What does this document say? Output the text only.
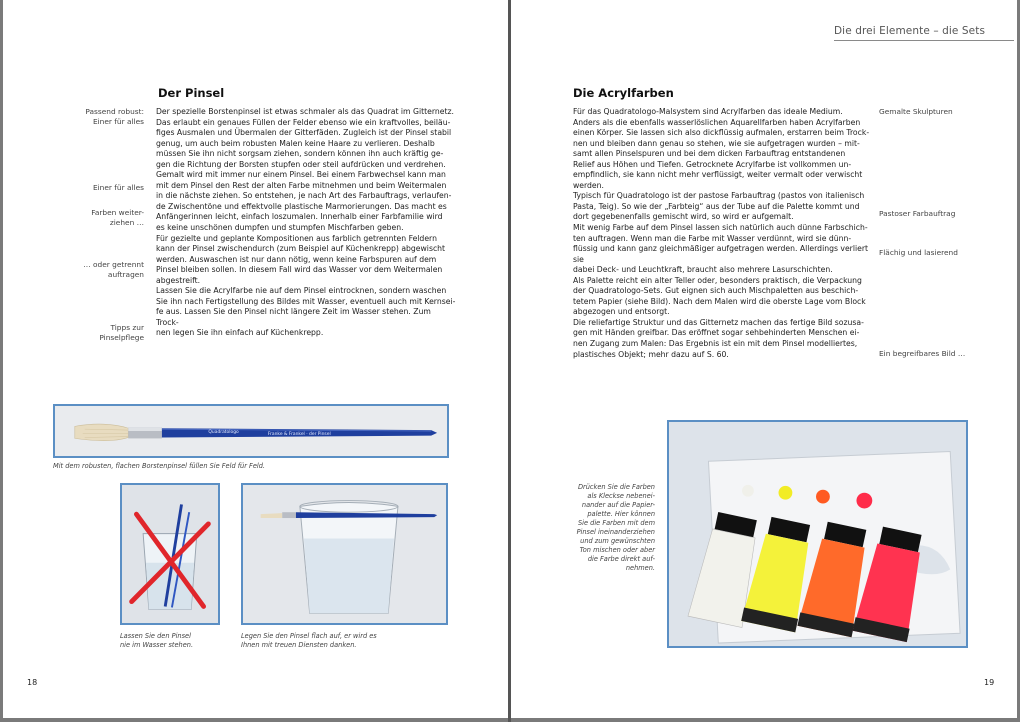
Der Pinsel

Passend robust:

Einer für alles

Einer für alles

Farben weiter-

ziehen …

… oder getrennt

auftragen

Tipps zur

Pinselpflege

Der spezielle Borstenpinsel ist etwas schmaler als das Quadrat im Gitternetz.

Das erlaubt ein genaues Füllen der Felder ebenso wie ein kraftvolles, beiläu-

figes Ausmalen und Übermalen der Gitterfäden. Zugleich ist der Pinsel stabil

genug, um auch beim robusten Malen keine Haare zu verlieren. Deshalb

müssen Sie ihn nicht sorgsam ziehen, sondern können ihn auch kräftig ge-

gen die Richtung der Borsten stupfen oder steil aufdrücken und verdrehen.

Gemalt wird mit immer nur einem Pinsel. Bei einem Farbwechsel kann man

mit dem Pinsel den Rest der alten Farbe mitnehmen und beim Weitermalen

in die nächste ziehen. So entstehen, je nach Art des Farbauftrags, verlaufen-

de Zwischentöne und effektvolle plastische Marmorierungen. Das macht es

Anfängerinnen leicht, einfach loszumalen. Innerhalb einer Farbfamilie wird

es keine unschönen dumpfen und stumpfen Mischfarben geben.

Für gezielte und geplante Kompositionen aus farblich getrennten Feldern

kann der Pinsel zwischendurch (zum Beispiel auf Küchenkrepp) abgewischt

werden. Auswaschen ist nur dann nötig, wenn keine Farbspuren auf dem

Pinsel bleiben sollen. In diesem Fall wird das Wasser vor dem Weitermalen

abgestreift.

Lassen Sie die Acrylfarbe nie auf dem Pinsel eintrocknen, sondern waschen

Sie ihn nach Fertigstellung des Bildes mit Wasser, eventuell auch mit Kernsei-

fe aus. Lassen Sie den Pinsel nicht längere Zeit im Wasser stehen. Zum Trock-

nen legen Sie ihn einfach auf Küchenkrepp.

Quadratologo	Franke & Frankel · der Pinsel
Mit dem robusten, flachen Borstenpinsel füllen Sie Feld für Feld.
Lassen Sie den Pinsel
nie im Wasser stehen.
Legen Sie den Pinsel flach auf, er wird es
Ihnen mit treuen Diensten danken.
18	19
Die Acrylfarben

Für das Quadratologo-Malsystem sind Acrylfarben das ideale Medium.

Anders als die ebenfalls wasserlöslichen Aquarellfarben haben Acrylfarben

einen Körper. Sie lassen sich also dickflüssig aufmalen, erstarren beim Trock-

nen und bleiben dann genau so stehen, wie sie aufgetragen wurden – mit-

samt allen Pinselspuren und bei dem dicken Farbauftrag entstandenen

Relief aus Höhen und Tiefen. Getrocknete Acrylfarbe ist vollkommen un-

empfindlich, sie kann nicht mehr verflüssigt, weiter vermalt oder verwischt

werden.

Typisch für Quadratologo ist der pastose Farbauftrag (pastos von italienisch

Pasta, Teig). So wie der „Farbteig“ aus der Tube auf die Palette kommt und

dort gegebenenfalls gemischt wird, so wird er aufgemalt.

Mit wenig Farbe auf dem Pinsel lassen sich natürlich auch dünne Farbschich-

ten auftragen. Wenn man die Farbe mit Wasser verdünnt, wird sie dünn-

flüssig und kann ganz gleichmäßiger aufgetragen werden. Allerdings verliert sie

dabei Deck- und Leuchtkraft, braucht also mehrere Lasurschichten.

Als Palette reicht ein alter Teller oder, besonders praktisch, die Verpackung

der Quadratologo-Sets. Gut eignen sich auch Mischpaletten aus beschich-

tetem Papier (siehe Bild). Nach dem Malen wird die oberste Lage vom Block

abgezogen und entsorgt.

Die reliefartige Struktur und das Gitternetz machen das fertige Bild sozusa-

gen mit Händen greifbar. Das eröffnet sogar sehbehinderten Menschen ei-

nen Zugang zum Malen: Das Ergebnis ist ein mit dem Pinsel modelliertes,

plastisches Objekt; mehr dazu auf S. 60.

Gemalte Skulpturen

Pastoser Farbauftrag

Flächig und lasierend

Ein begreifbares Bild …

Drücken Sie die Farben
als Kleckse nebenei-
nander auf die Papier-
palette. Hier können
Sie die Farben mit dem
Pinsel ineinanderziehen
und zum gewünschten
Ton mischen oder aber
die Farbe direkt auf-
nehmen.
Die drei Elemente – die Sets
